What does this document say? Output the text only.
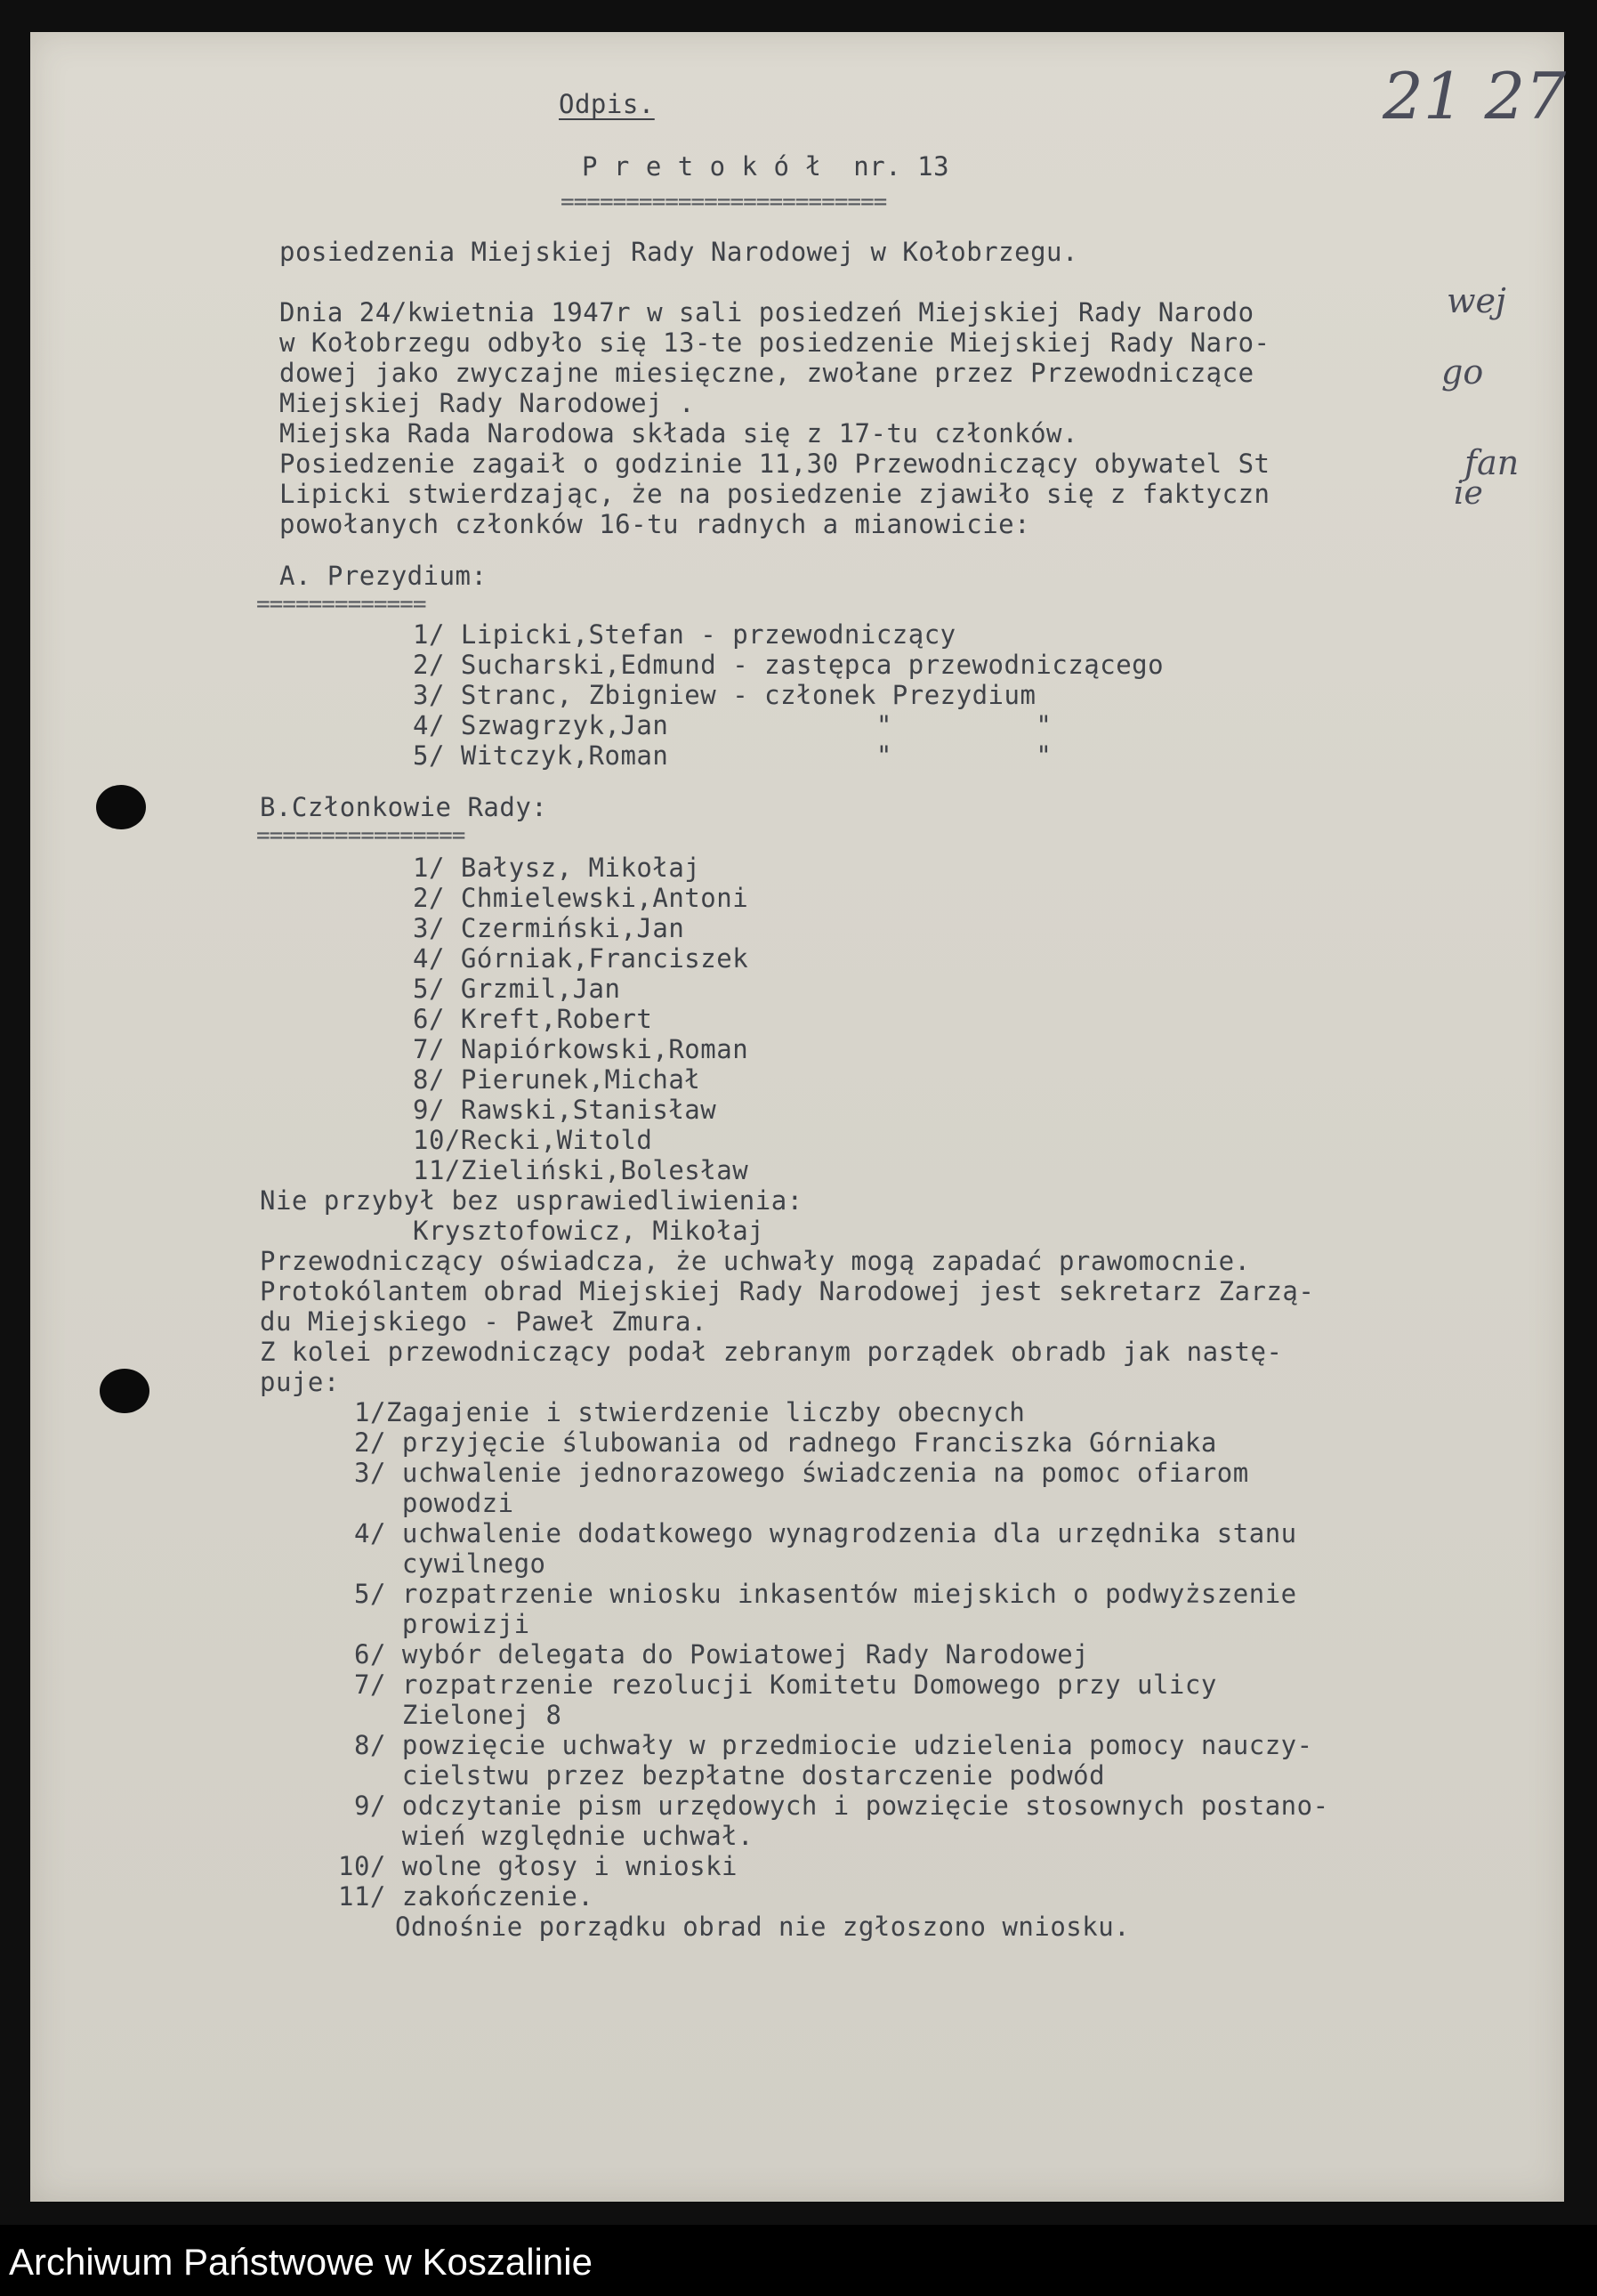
Odpis.	21 27
P r e t o k ó ł  nr. 13
=========================
posiedzenia Miejskiej Rady Narodowej w Kołobrzegu.
Dnia 24/kwietnia 1947r w sali posiedzeń Miejskiej Rady Narodo
w Kołobrzegu odbyło się 13-te posiedzenie Miejskiej Rady Naro-
dowej jako zwyczajne miesięczne, zwołane przez Przewodniczące
Miejskiej Rady Narodowej .
Miejska Rada Narodowa składa się z 17-tu członków.
Posiedzenie zagaił o godzinie 11,30 Przewodniczący obywatel St
Lipicki stwierdzając, że na posiedzenie zjawiło się z faktyczn
powołanych członków 16-tu radnych a mianowicie:
wej
go
fan
ie
A. Prezydium:
=============
1/ Lipicki,Stefan - przewodniczący
2/ Sucharski,Edmund - zastępca przewodniczącego
3/ Stranc, Zbigniew - członek Prezydium
4/ Szwagrzyk,Jan             "         "
5/ Witczyk,Roman             "         "
B.Członkowie Rady:
================
1/ Bałysz, Mikołaj
2/ Chmielewski,Antoni
3/ Czermiński,Jan
4/ Górniak,Franciszek
5/ Grzmil,Jan
6/ Kreft,Robert
7/ Napiórkowski,Roman
8/ Pierunek,Michał
9/ Rawski,Stanisław
10/Recki,Witold
11/Zieliński,Bolesław
Nie przybył bez usprawiedliwienia:
Krysztofowicz, Mikołaj
Przewodniczący oświadcza, że uchwały mogą zapadać prawomocnie.
Protokólantem obrad Miejskiej Rady Narodowej jest sekretarz Zarzą-
du Miejskiego - Paweł Zmura.
Z kolei przewodniczący podał zebranym porządek obradb jak nastę-
puje:
1/Zagajenie i stwierdzenie liczby obecnych
2/ przyjęcie ślubowania od radnego Franciszka Górniaka
3/ uchwalenie jednorazowego świadczenia na pomoc ofiarom
powodzi
4/ uchwalenie dodatkowego wynagrodzenia dla urzędnika stanu
cywilnego
5/ rozpatrzenie wniosku inkasentów miejskich o podwyższenie
prowizji
6/ wybór delegata do Powiatowej Rady Narodowej
7/ rozpatrzenie rezolucji Komitetu Domowego przy ulicy
Zielonej 8
8/ powzięcie uchwały w przedmiocie udzielenia pomocy nauczy-
cielstwu przez bezpłatne dostarczenie podwód
9/ odczytanie pism urzędowych i powzięcie stosownych postano-
wień względnie uchwał.
10/ wolne głosy i wnioski
11/ zakończenie.
Odnośnie porządku obrad nie zgłoszono wniosku.
Archiwum Państwowe w Koszalinie
